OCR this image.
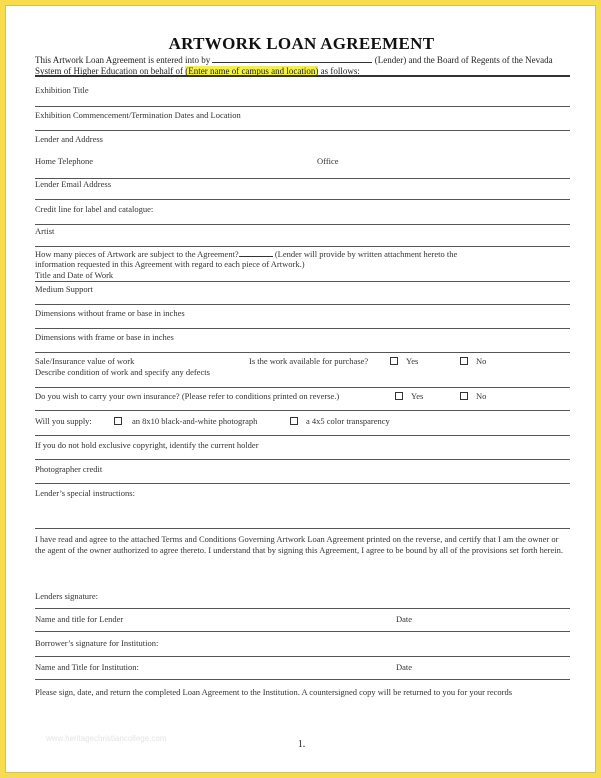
ARTWORK LOAN AGREEMENT
This Artwork Loan Agreement is entered into by	(Lender) and the Board of Regents of the Nevada System of Higher Education on behalf of (Enter name of campus and location) as follows:
Exhibition Title
Exhibition Commencement/Termination Dates and Location
Lender and Address
Home Telephone	Office
Lender Email Address
Credit line for label and catalogue:
Artist
How many pieces of Artwork are subject to the Agreement?	(Lender will provide by written attachment hereto the
information requested in this Agreement with regard to each piece of Artwork.)
Title and Date of Work
Medium Support
Dimensions without frame or base in inches
Dimensions with frame or base in inches
Sale/Insurance value of work	Is the work available for purchase?	Yes	No
Describe condition of work and specify any defects
Do you wish to carry your own insurance? (Please refer to conditions printed on reverse.)	Yes	No
Will you supply:	an 8x10 black-and-white photograph	a 4x5 color transparency
If you do not hold exclusive copyright, identify the current holder
Photographer credit
Lender’s special instructions:
I have read and agree to the attached Terms and Conditions Governing Artwork Loan Agreement printed on the reverse, and certify that I am the owner or the agent of the owner authorized to agree thereto. I understand that by signing this Agreement, I agree to be bound by all of the provisions set forth herein.
Lenders signature:
Name and title for Lender	Date
Borrower’s signature for Institution:
Name and Title for Institution:	Date
Please sign, date, and return the completed Loan Agreement to the Institution. A countersigned copy will be returned to you for your records
www.heritagechristiancollege.com
1.
